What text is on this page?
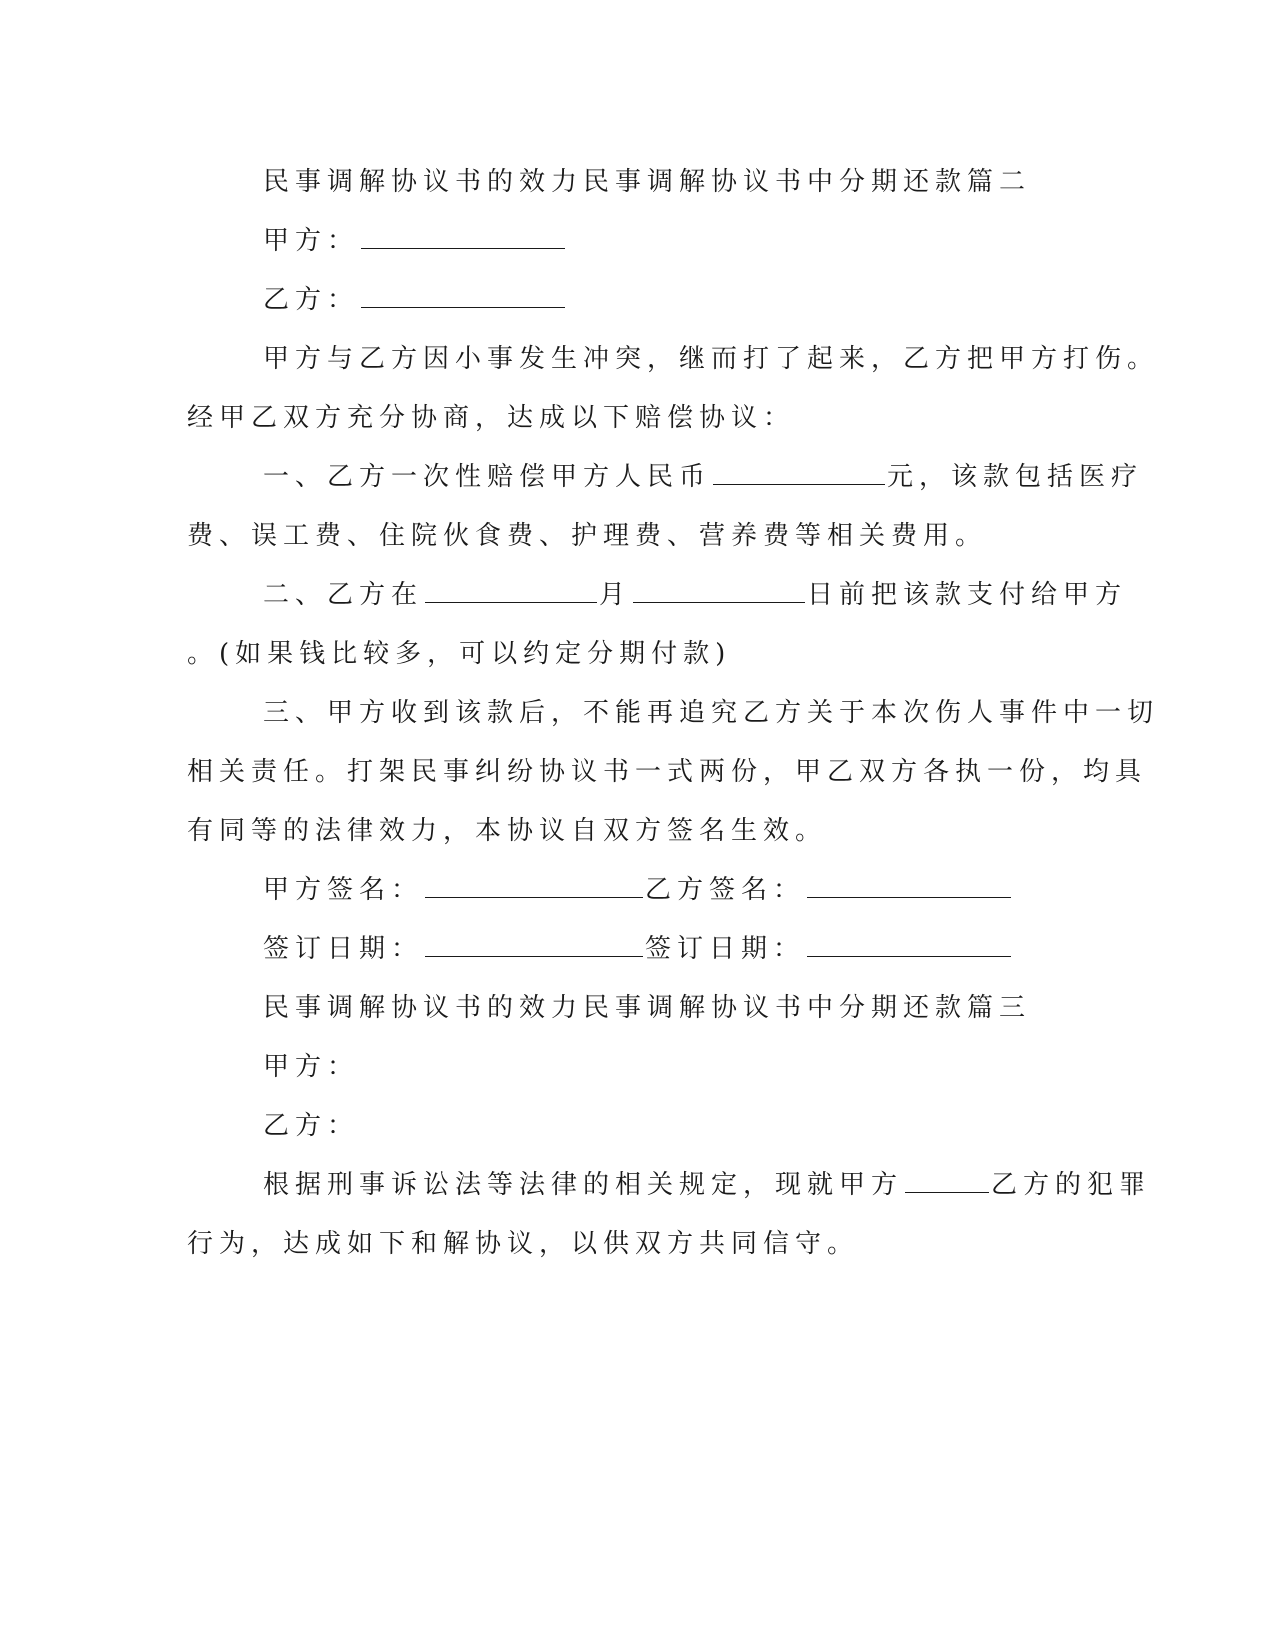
民事调解协议书的效力民事调解协议书中分期还款篇二
甲方：
乙方：
甲方与乙方因小事发生冲突，继而打了起来，乙方把甲方打伤。
经甲乙双方充分协商，达成以下赔偿协议：
一、乙方一次性赔偿甲方人民币	元，该款包括医疗
费、误工费、住院伙食费、护理费、营养费等相关费用。
二、乙方在	月	日前把该款支付给甲方
。(如果钱比较多，可以约定分期付款)
三、甲方收到该款后，不能再追究乙方关于本次伤人事件中一切
相关责任。打架民事纠纷协议书一式两份，甲乙双方各执一份，均具
有同等的法律效力，本协议自双方签名生效。
甲方签名：	乙方签名：
签订日期：	签订日期：
民事调解协议书的效力民事调解协议书中分期还款篇三
甲方：
乙方：
根据刑事诉讼法等法律的相关规定，现就甲方	乙方的犯罪
行为，达成如下和解协议，以供双方共同信守。
